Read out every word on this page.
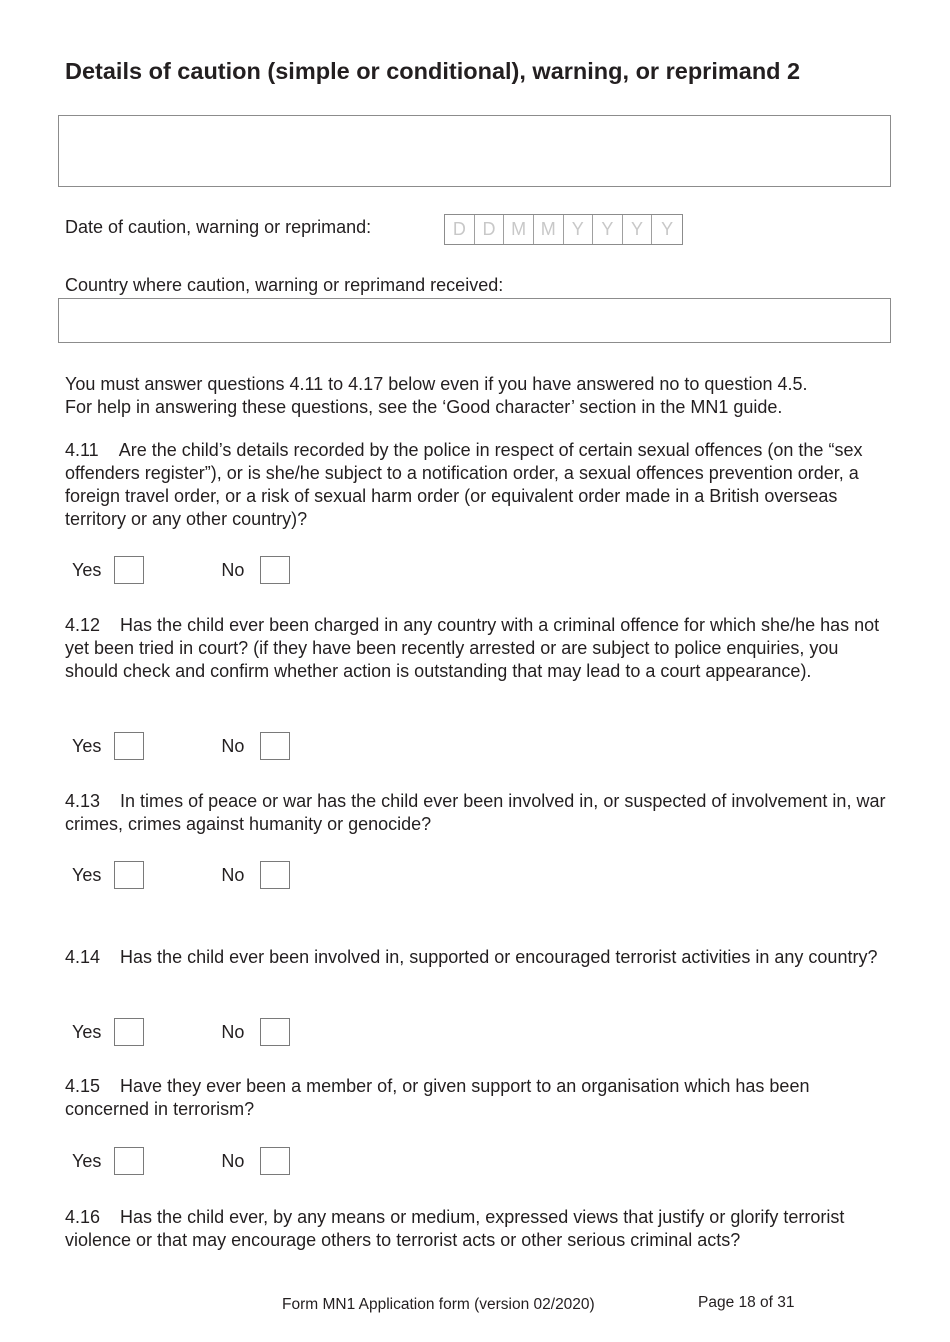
Details of caution (simple or conditional), warning, or reprimand 2
Date of caution, warning or reprimand:	D D M M Y Y Y	Y
Country where caution, warning or reprimand received:

You must answer questions 4.11 to 4.17 below even if you have answered no to question 4.5.

For help in answering these questions, see the ‘Good character’ section in the MN1 guide.

4.11 Are the child’s details recorded by the police in respect of certain sexual offences (on the “sex offenders register”), or is she/he subject to a notification order, a sexual offences prevention order, a foreign travel order, or a risk of sexual harm order (or equivalent order made in a British overseas territory or any other country)?

Yes	No

4.12 Has the child ever been charged in any country with a criminal offence for which she/he has not yet been tried in court? (if they have been recently arrested or are subject to police enquiries, you should check and confirm whether action is outstanding that may lead to a court appearance).

Yes	No

4.13 In times of peace or war has the child ever been involved in, or suspected of involvement in, war crimes, crimes against humanity or genocide?

Yes	No

4.14 Has the child ever been involved in, supported or encouraged terrorist activities in any country?

Yes	No

4.15 Have they ever been a member of, or given support to an organisation which has been concerned in terrorism?

Yes	No

4.16 Has the child ever, by any means or medium, expressed views that justify or glorify terrorist violence or that may encourage others to terrorist acts or other serious criminal acts?

Form MN1 Application form (version 02/2020)	Page 18 of 31
